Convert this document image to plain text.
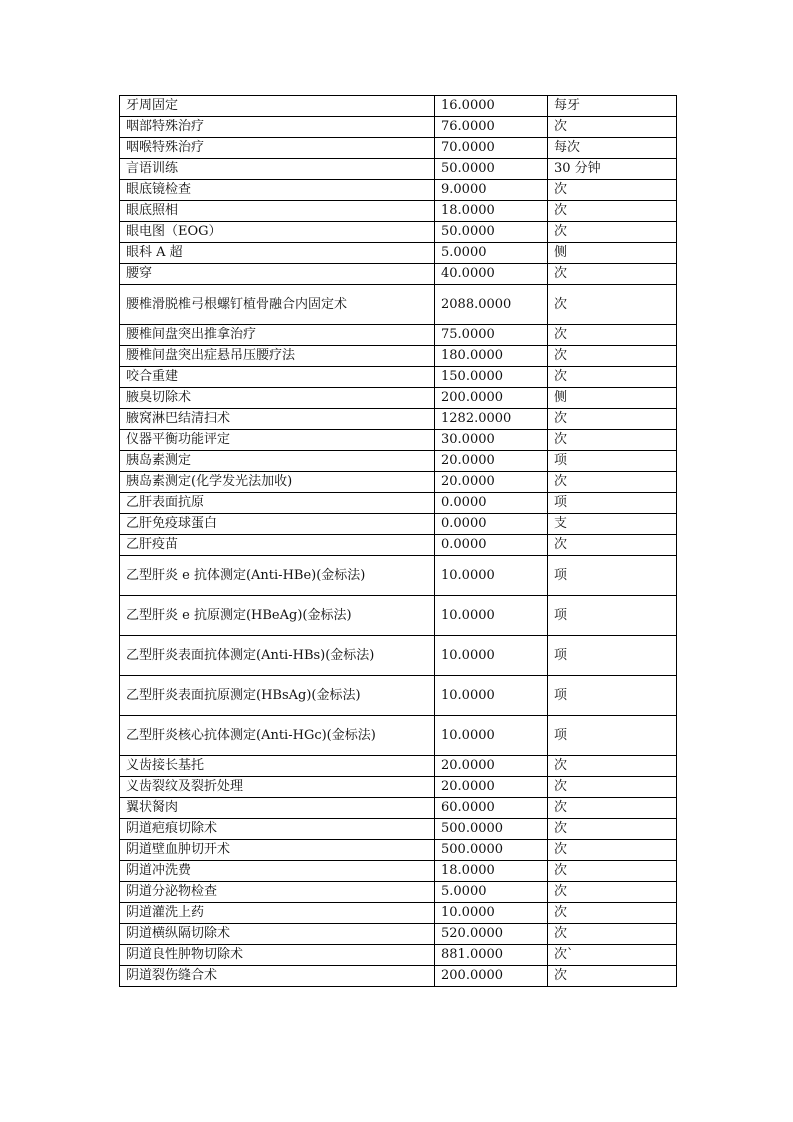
牙周固定	16.0000	每牙
咽部特殊治疗	76.0000	次
咽喉特殊治疗	70.0000	每次
言语训练	50.0000	30 分钟
眼底镜检查	9.0000	次
眼底照相	18.0000	次
眼电图（EOG）	50.0000	次
眼科 A 超	5.0000	侧
腰穿	40.0000	次
腰椎滑脱椎弓根螺钉植骨融合内固定术	2088.0000	次
腰椎间盘突出推拿治疗	75.0000	次
腰椎间盘突出症悬吊压腰疗法	180.0000	次
咬合重建	150.0000	次
腋臭切除术	200.0000	侧
腋窝淋巴结清扫术	1282.0000	次
仪器平衡功能评定	30.0000	次
胰岛素测定	20.0000	项
胰岛素测定(化学发光法加收)	20.0000	次
乙肝表面抗原	0.0000	项
乙肝免疫球蛋白	0.0000	支
乙肝疫苗	0.0000	次
乙型肝炎 e 抗体测定(Anti-HBe)(金标法)	10.0000	项
乙型肝炎 e 抗原测定(HBeAg)(金标法)	10.0000	项
乙型肝炎表面抗体测定(Anti-HBs)(金标法)	10.0000	项
乙型肝炎表面抗原测定(HBsAg)(金标法)	10.0000	项
乙型肝炎核心抗体测定(Anti-HGc)(金标法)	10.0000	项
义齿接长基托	20.0000	次
义齿裂纹及裂折处理	20.0000	次
翼状胬肉	60.0000	次
阴道疤痕切除术	500.0000	次
阴道壁血肿切开术	500.0000	次
阴道冲洗费	18.0000	次
阴道分泌物检查	5.0000	次
阴道灌洗上药	10.0000	次
阴道横纵隔切除术	520.0000	次
阴道良性肿物切除术	881.0000	次`
阴道裂伤缝合术	200.0000	次
